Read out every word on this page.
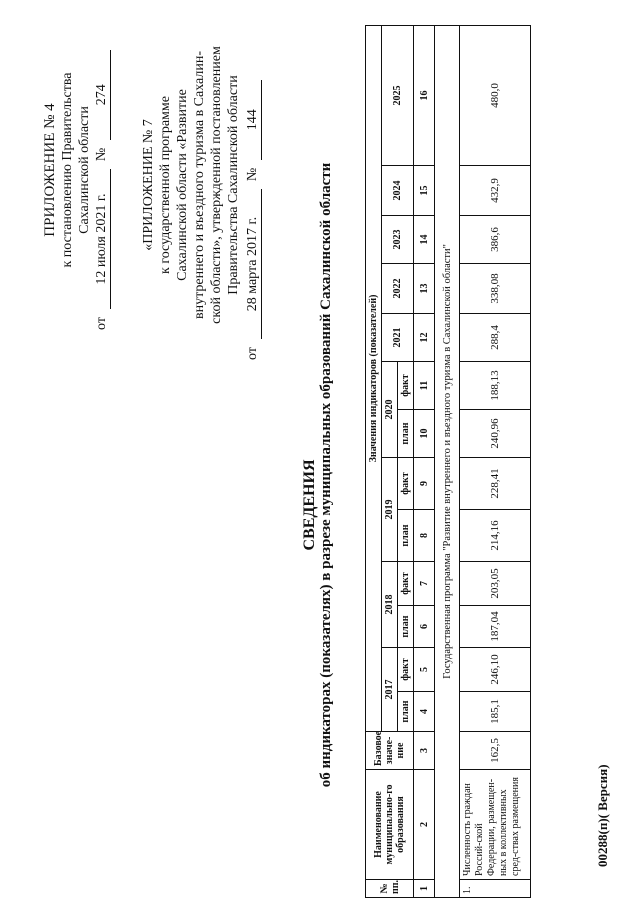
ПРИЛОЖЕНИЕ № 4 к постановлению Правительства Сахалинской области
от
12 июля 2021 г.
№
274
«ПРИЛОЖЕНИЕ № 7 к государственной программе Сахалинской области «Развитие внутреннего и въездного туризма в Сахалин- ской области», утвержденной постановлением Правительства Сахалинской области
от
28 марта 2017 г.
№
144
СВЕДЕНИЯ об индикаторах (показателях) в разрезе муниципальных образований Сахалинской области
№ пп.	Наименование муниципально-го образования	Базовое значе-ние	Значения индикаторов (показателей)												
			2017		2018		2019		2020		2021	2022	2023	2024	2025
			план	факт	план	факт	план	факт	план	факт					
1	2	3	4	5	6	7	8	9	10	11	12	13	14	15	16
Государственная программа "Развитие внутреннего и въездного туризма в Сахалинской области"															
1.	Численность граждан Россий-ской Федерации, размещен-ных в коллективных сред-ствах размещения	162,5	185,1	246,10	187,04	203,05	214,16	228,41	240,96	188,13	288,4	338,08	386,6	432,9	480,0
00288(п)( Версия)
